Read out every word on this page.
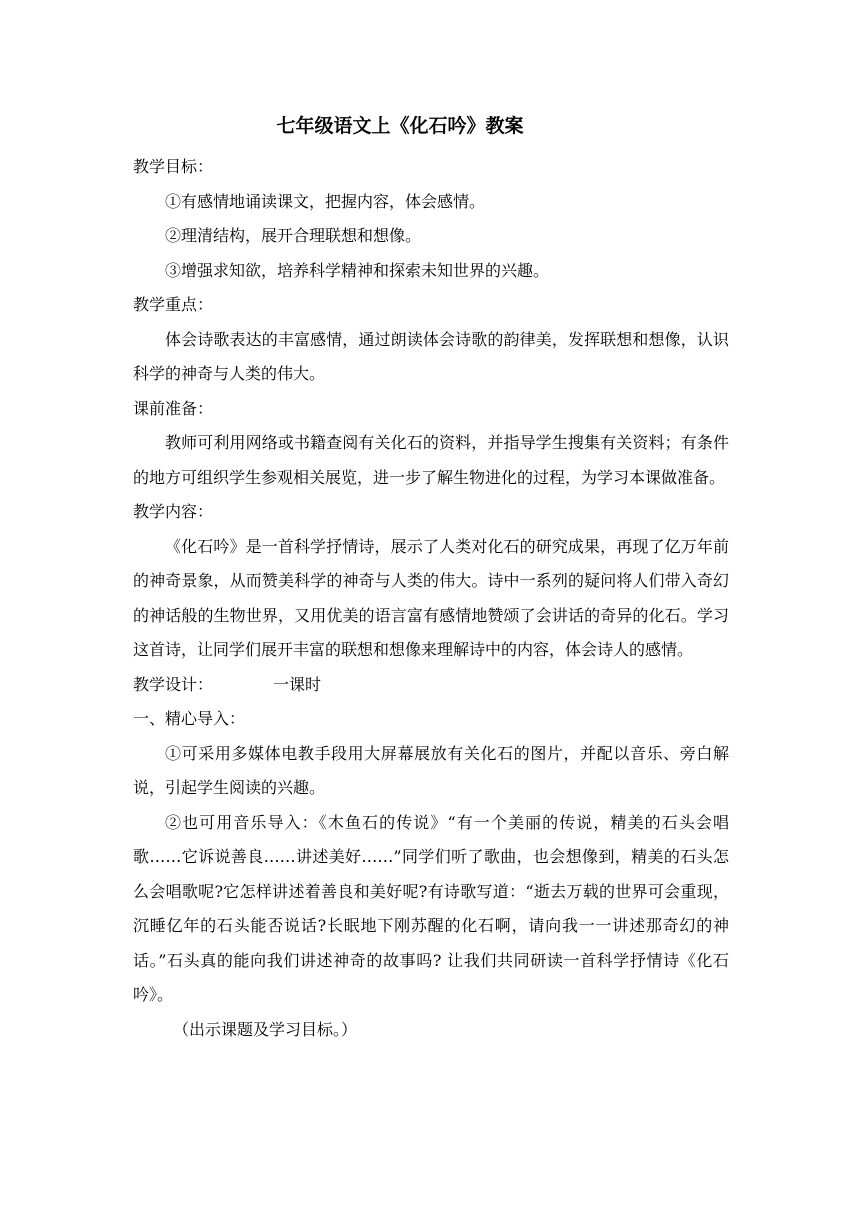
七年级语文上《化石吟》教案

教学目标：

①有感情地诵读课文，把握内容，体会感情。

②理清结构，展开合理联想和想像。

③增强求知欲，培养科学精神和探索未知世界的兴趣。

教学重点：

体会诗歌表达的丰富感情，通过朗读体会诗歌的韵律美，发挥联想和想像，认识科学的神奇与人类的伟大。

课前准备：

教师可利用网络或书籍查阅有关化石的资料，并指导学生搜集有关资料；有条件的地方可组织学生参观相关展览，进一步了解生物进化的过程，为学习本课做准备。

教学内容：

《化石吟》是一首科学抒情诗，展示了人类对化石的研究成果，再现了亿万年前的神奇景象，从而赞美科学的神奇与人类的伟大。诗中一系列的疑问将人们带入奇幻的神话般的生物世界，又用优美的语言富有感情地赞颂了会讲话的奇异的化石。学习这首诗，让同学们展开丰富的联想和想像来理解诗中的内容，体会诗人的感情。

教学设计：	一课时

一、精心导入：

①可采用多媒体电教手段用大屏幕展放有关化石的图片，并配以音乐、旁白解说，引起学生阅读的兴趣。

②也可用音乐导入：《木鱼石的传说》“有一个美丽的传说，精美的石头会唱歌……它诉说善良……讲述美好……”同学们听了歌曲，也会想像到，精美的石头怎么会唱歌呢?它怎样讲述着善良和美好呢?有诗歌写道：“逝去万载的世界可会重现，沉睡亿年的石头能否说话?长眠地下刚苏醒的化石啊，请向我一一讲述那奇幻的神话。”石头真的能向我们讲述神奇的故事吗? 让我们共同研读一首科学抒情诗《化石吟》。

（出示课题及学习目标。）
